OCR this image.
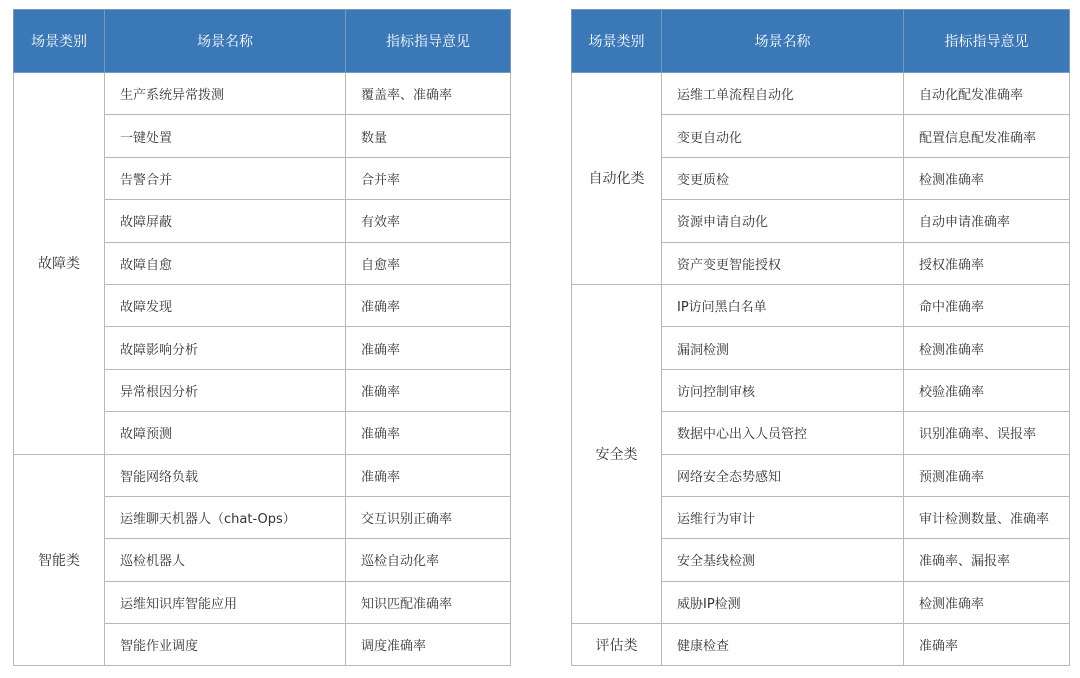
场景类别	场景名称	指标指导意见
故障类	生产系统异常拨测	覆盖率、准确率
	一键处置	数量
	告警合并	合并率
	故障屏蔽	有效率
	故障自愈	自愈率
	故障发现	准确率
	故障影响分析	准确率
	异常根因分析	准确率
	故障预测	准确率
智能类	智能网络负载	准确率
	运维聊天机器人（chat-Ops）	交互识别正确率
	巡检机器人	巡检自动化率
	运维知识库智能应用	知识匹配准确率
	智能作业调度	调度准确率
场景类别	场景名称	指标指导意见
自动化类	运维工单流程自动化	自动化配发准确率
	变更自动化	配置信息配发准确率
	变更质检	检测准确率
	资源申请自动化	自动申请准确率
	资产变更智能授权	授权准确率
安全类	IP访问黑白名单	命中准确率
	漏洞检测	检测准确率
	访问控制审核	校验准确率
	数据中心出入人员管控	识别准确率、误报率
	网络安全态势感知	预测准确率
	运维行为审计	审计检测数量、准确率
	安全基线检测	准确率、漏报率
	威胁IP检测	检测准确率
评估类	健康检查	准确率
